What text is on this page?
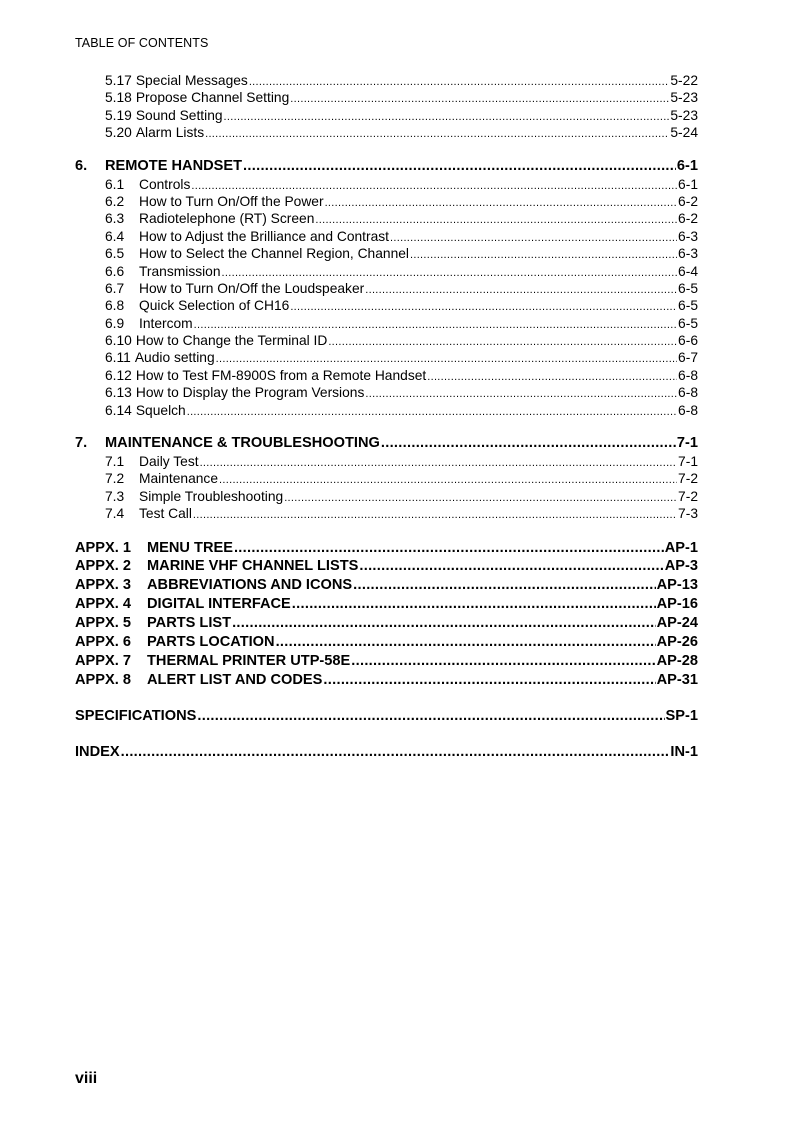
TABLE OF CONTENTS
5.17 Special Messages .....	5-22
5.18 Propose Channel Setting .....	5-23
5.19 Sound Setting .....	5-23
5.20 Alarm Lists .....	5-24
6.	REMOTE HANDSET .....	6-1
6.1	Controls .....	6-1
6.2	How to Turn On/Off the Power .....	6-2
6.3	Radiotelephone (RT) Screen .....	6-2
6.4	How to Adjust the Brilliance and Contrast .....	6-3
6.5	How to Select the Channel Region, Channel .....	6-3
6.6	Transmission .....	6-4
6.7	How to Turn On/Off the Loudspeaker .....	6-5
6.8	Quick Selection of CH16 .....	6-5
6.9	Intercom .....	6-5
6.10 How to Change the Terminal ID .....	6-6
6.11 Audio setting .....	6-7
6.12 How to Test FM-8900S from a Remote Handset .....	6-8
6.13 How to Display the Program Versions .....	6-8
6.14 Squelch .....	6-8
7.	MAINTENANCE & TROUBLESHOOTING .....	7-1
7.1	Daily Test .....	7-1
7.2	Maintenance .....	7-2
7.3	Simple Troubleshooting .....	7-2
7.4	Test Call .....	7-3
APPX. 1	MENU TREE .....	AP-1
APPX. 2	MARINE VHF CHANNEL LISTS .....	AP-3
APPX. 3	ABBREVIATIONS AND ICONS .....	AP-13
APPX. 4	DIGITAL INTERFACE .....	AP-16
APPX. 5	PARTS LIST .....	AP-24
APPX. 6	PARTS LOCATION .....	AP-26
APPX. 7	THERMAL PRINTER UTP-58E .....	AP-28
APPX. 8	ALERT LIST AND CODES .....	AP-31
SPECIFICATIONS .....	SP-1
INDEX .....	IN-1
viii
